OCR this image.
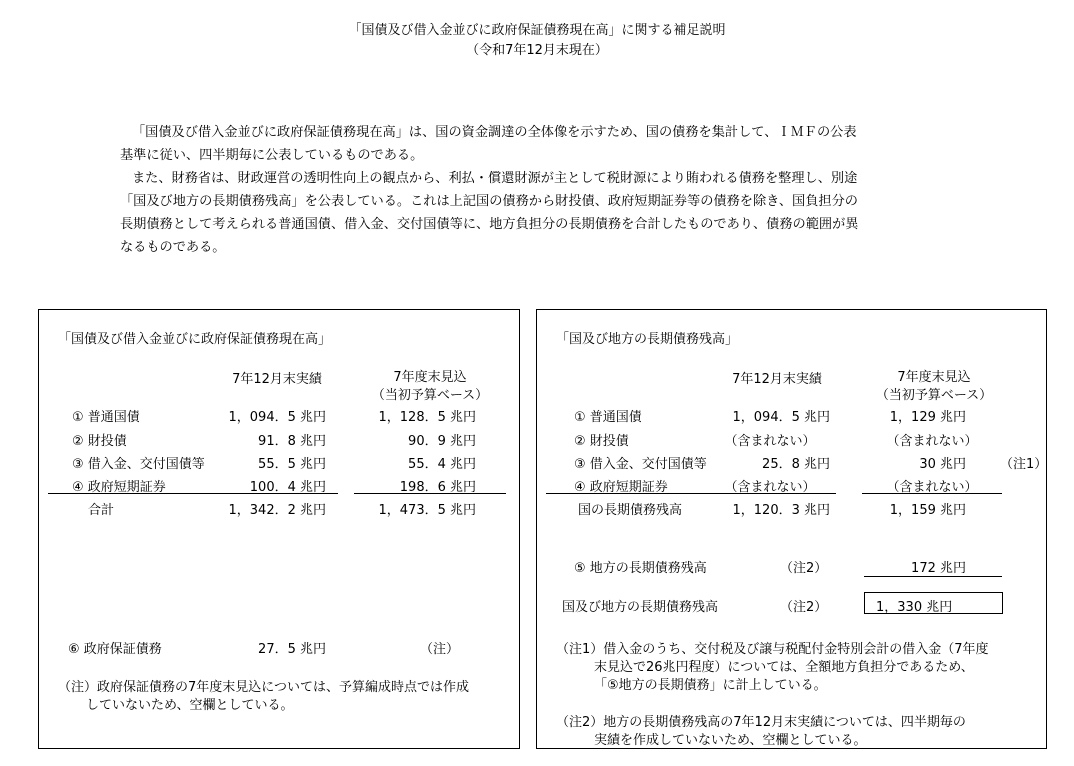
「国債及び借入金並びに政府保証債務現在高」に関する補足説明
（令和7年12月末現在）
「国債及び借入金並びに政府保証債務現在高」は、国の資金調達の全体像を示すため、国の債務を集計して、ＩＭＦの公表
基準に従い、四半期毎に公表しているものである。
また、財務省は、財政運営の透明性向上の観点から、利払・償還財源が主として税財源により賄われる債務を整理し、別途
「国及び地方の長期債務残高」を公表している。これは上記国の債務から財投債、政府短期証券等の債務を除き、国負担分の
長期債務として考えられる普通国債、借入金、交付国債等に、地方負担分の長期債務を合計したものであり、債務の範囲が異
なるものである。
「国債及び借入金並びに政府保証債務現在高」
7年12月末実績	7年度末見込
（当初予算ベース）
① 普通国債	1，094．5 兆円	1，128．5 兆円
② 財投債	91．8 兆円	90．9 兆円
③ 借入金、交付国債等	55．5 兆円	55．4 兆円
④ 政府短期証券	100．4 兆円	198．6 兆円
合計	1，342．2 兆円	1，473．5 兆円
⑥ 政府保証債務	27．5 兆円	（注）
（注）政府保証債務の7年度末見込については、予算編成時点では作成
していないため、空欄としている。
「国及び地方の長期債務残高」
7年12月末実績	7年度末見込
（当初予算ベース）
① 普通国債	1，094．5 兆円	1，129 兆円
② 財投債	（含まれない）	（含まれない）
③ 借入金、交付国債等	25．8 兆円	30 兆円	（注1）
④ 政府短期証券	（含まれない）	（含まれない）
国の長期債務残高	1，120．3 兆円	1，159 兆円
⑤ 地方の長期債務残高	（注2）	172 兆円
国及び地方の長期債務残高	（注2）	1，330 兆円
（注1）借入金のうち、交付税及び譲与税配付金特別会計の借入金（7年度
末見込で26兆円程度）については、全額地方負担分であるため、
「⑤地方の長期債務」に計上している。
（注2）地方の長期債務残高の7年12月末実績については、四半期毎の
実績を作成していないため、空欄としている。
